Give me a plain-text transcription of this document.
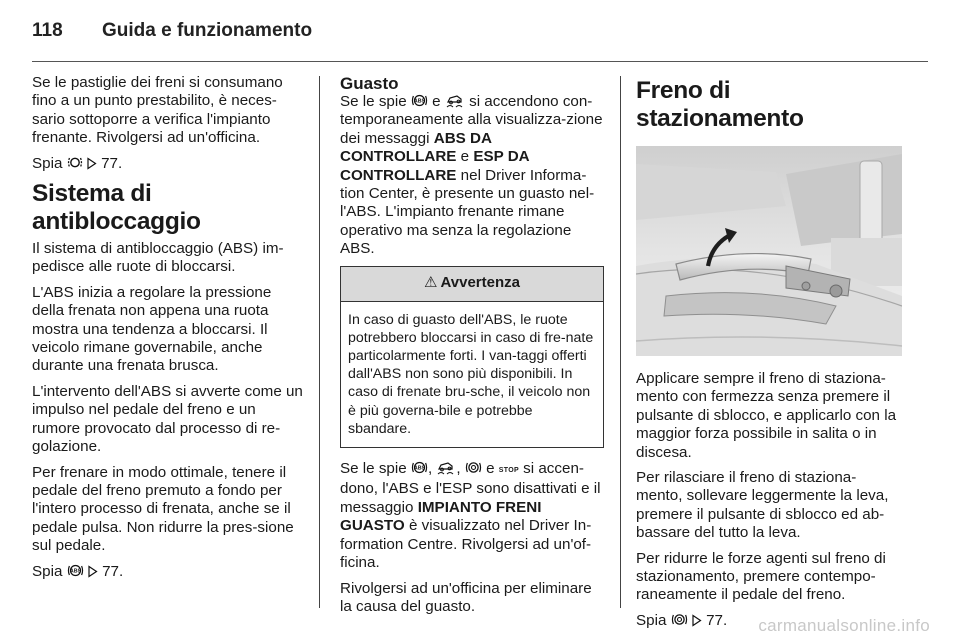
118 Guida e funzionamento

Se le pastiglie dei freni si consumano fino a un punto prestabilito, è neces-sario sottoporre a verifica l'impianto frenante. Rivolgersi ad un'officina.

Spia	77.

Sistema di antibloccaggio

Il sistema di antibloccaggio (ABS) im-pedisce alle ruote di bloccarsi.

L'ABS inizia a regolare la pressione della frenata non appena una ruota mostra una tendenza a bloccarsi. Il veicolo rimane governabile, anche durante una frenata brusca.

L'intervento dell'ABS si avverte come un impulso nel pedale del freno e un rumore provocato dal processo di re-golazione.

Per frenare in modo ottimale, tenere il pedale del freno premuto a fondo per l'intero processo di frenata, anche se il pedale pulsa. Non ridurre la pres-sione sul pedale.

Spia ABS 77.

Guasto

Se le spie ABS e si accendono con-temporaneamente alla visualizza-zione dei messaggi ABS DA CONTROLLARE e ESP DA CONTROLLARE nel Driver Informa-tion Center, è presente un guasto nel-l'ABS. L'impianto frenante rimane operativo ma senza la regolazione ABS.

⚠ Avvertenza
In caso di guasto dell'ABS, le ruote potrebbero bloccarsi in caso di fre-nate particolarmente forti. I van-taggi offerti dall'ABS non sono più disponibili. In caso di frenate bru-sche, il veicolo non è più governa-bile e potrebbe sbandare.

Se le spie ABS , , e STOP si accen-dono, l'ABS e l'ESP sono disattivati e il messaggio IMPIANTO FRENI GUASTO è visualizzato nel Driver In-formation Centre. Rivolgersi ad un'of-ficina.

Rivolgersi ad un'officina per eliminare la causa del guasto.

Freno di stazionamento

Applicare sempre il freno di staziona-mento con fermezza senza premere il pulsante di sblocco, e applicarlo con la maggior forza possibile in salita o in discesa.

Per rilasciare il freno di staziona-mento, sollevare leggermente la leva, premere il pulsante di sblocco ed ab-bassare del tutto la leva.

Per ridurre le forze agenti sul freno di stazionamento, premere contempo-raneamente il pedale del freno.

Spia	77.	carmanualsonline.info
